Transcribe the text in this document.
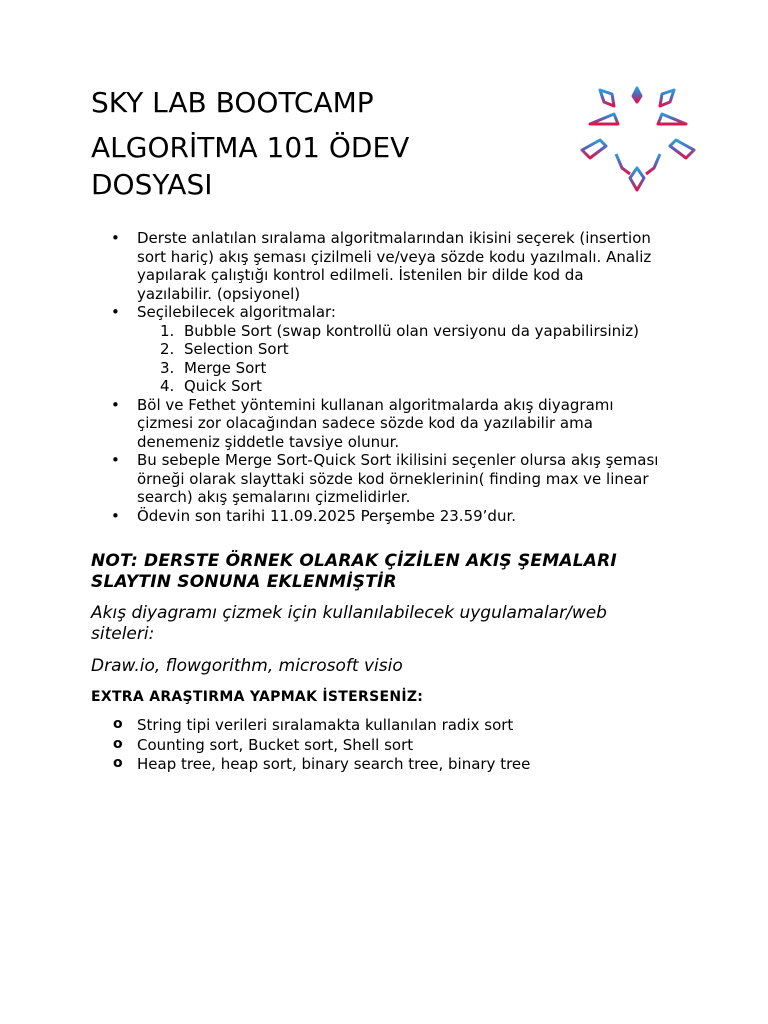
SKY LAB BOOTCAMP
ALGORİTMA 101 ÖDEV
DOSYASI
• Derste anlatılan sıralama algoritmalarından ikisini seçerek (insertion
sort hariç) akış şeması çizilmeli ve/veya sözde kodu yazılmalı. Analiz
yapılarak çalıştığı kontrol edilmeli. İstenilen bir dilde kod da
yazılabilir. (opsiyonel)
• Seçilebilecek algoritmalar:
1. Bubble Sort (swap kontrollü olan versiyonu da yapabilirsiniz)
2. Selection Sort
3. Merge Sort
4. Quick Sort
• Böl ve Fethet yöntemini kullanan algoritmalarda akış diyagramı
çizmesi zor olacağından sadece sözde kod da yazılabilir ama
denemeniz şiddetle tavsiye olunur.
• Bu sebeple Merge Sort-Quick Sort ikilisini seçenler olursa akış şeması
örneği olarak slayttaki sözde kod örneklerinin( finding max ve linear
search) akış şemalarını çizmelidirler.
• Ödevin son tarihi 11.09.2025 Perşembe 23.59’dur.

NOT: DERSTE ÖRNEK OLARAK ÇİZİLEN AKIŞ ŞEMALARI
SLAYTIN SONUNA EKLENMİŞTİR

Akış diyagramı çizmek için kullanılabilecek uygulamalar/web
siteleri:

Draw.io, flowgorithm, microsoft visio

EXTRA ARAŞTIRMA YAPMAK İSTERSENİZ:

o String tipi verileri sıralamakta kullanılan radix sort
o Counting sort, Bucket sort, Shell sort
o Heap tree, heap sort, binary search tree, binary tree
